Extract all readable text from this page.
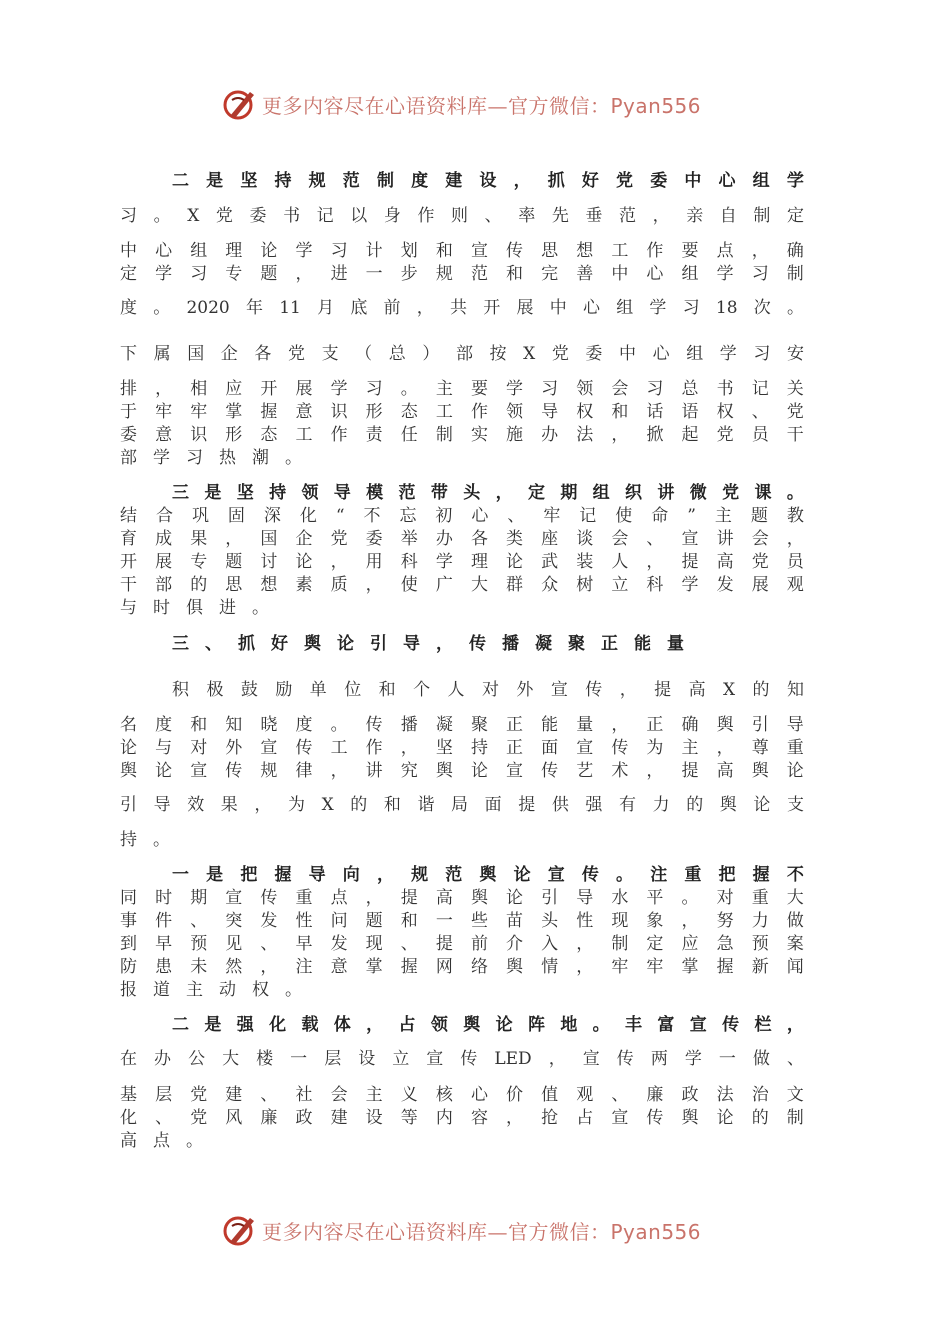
更多内容尽在心语资料库—官方微信：Pyan556
二 是 坚 持 规 范 制 度 建 设 ， 抓 好 党 委 中 心 组 学
习 。 X 党 委 书 记 以 身 作 则 、 率 先 垂 范 ， 亲 自 制 定
中 心 组 理 论 学 习 计 划 和 宣 传 思 想 工 作 要 点 ， 确
定 学 习 专 题 ， 进 一 步 规 范 和 完 善 中 心 组 学 习 制
度 。 2020 年 11 月 底 前 ， 共 开 展 中 心 组 学 习 18 次 。
下 属 国 企 各 党 支 （ 总 ） 部 按 X 党 委 中 心 组 学 习 安
排 ， 相 应 开 展 学 习 。 主 要 学 习 领 会 习 总 书 记 关
于 牢 牢 掌 握 意 识 形 态 工 作 领 导 权 和 话 语 权 、 党
委 意 识 形 态 工 作 责 任 制 实 施 办 法 ， 掀 起 党 员 干
部 学 习 热 潮 。
三 是 坚 持 领 导 模 范 带 头 ， 定 期 组 织 讲 微 党 课 。
结 合 巩 固 深 化 “ 不 忘 初 心 、 牢 记 使 命 ” 主 题 教
育 成 果 ， 国 企 党 委 举 办 各 类 座 谈 会 、 宣 讲 会 ，
开 展 专 题 讨 论 ， 用 科 学 理 论 武 装 人 ， 提 高 党 员
干 部 的 思 想 素 质 ， 使 广 大 群 众 树 立 科 学 发 展 观
与 时 俱 进 。
三 、 抓 好 舆 论 引 导 ， 传 播 凝 聚 正 能 量
积 极 鼓 励 单 位 和 个 人 对 外 宣 传 ， 提 高 X 的 知
名 度 和 知 晓 度 。 传 播 凝 聚 正 能 量 ， 正 确 舆 引 导
论 与 对 外 宣 传 工 作 ， 坚 持 正 面 宣 传 为 主 ， 尊 重
舆 论 宣 传 规 律 ， 讲 究 舆 论 宣 传 艺 术 ， 提 高 舆 论
引 导 效 果 ， 为 X 的 和 谐 局 面 提 供 强 有 力 的 舆 论 支
持 。
一 是 把 握 导 向 ， 规 范 舆 论 宣 传 。 注 重 把 握 不
同 时 期 宣 传 重 点 ， 提 高 舆 论 引 导 水 平 。 对 重 大
事 件 、 突 发 性 问 题 和 一 些 苗 头 性 现 象 ， 努 力 做
到 早 预 见 、 早 发 现 、 提 前 介 入 ， 制 定 应 急 预 案
防 患 未 然 ， 注 意 掌 握 网 络 舆 情 ， 牢 牢 掌 握 新 闻
报 道 主 动 权 。
二 是 强 化 载 体 ， 占 领 舆 论 阵 地 。 丰 富 宣 传 栏 ，
在 办 公 大 楼 一 层 设 立 宣 传 LED ， 宣 传 两 学 一 做 、
基 层 党 建 、 社 会 主 义 核 心 价 值 观 、 廉 政 法 治 文
化 、 党 风 廉 政 建 设 等 内 容 ， 抢 占 宣 传 舆 论 的 制
高 点 。
更多内容尽在心语资料库—官方微信：Pyan556
